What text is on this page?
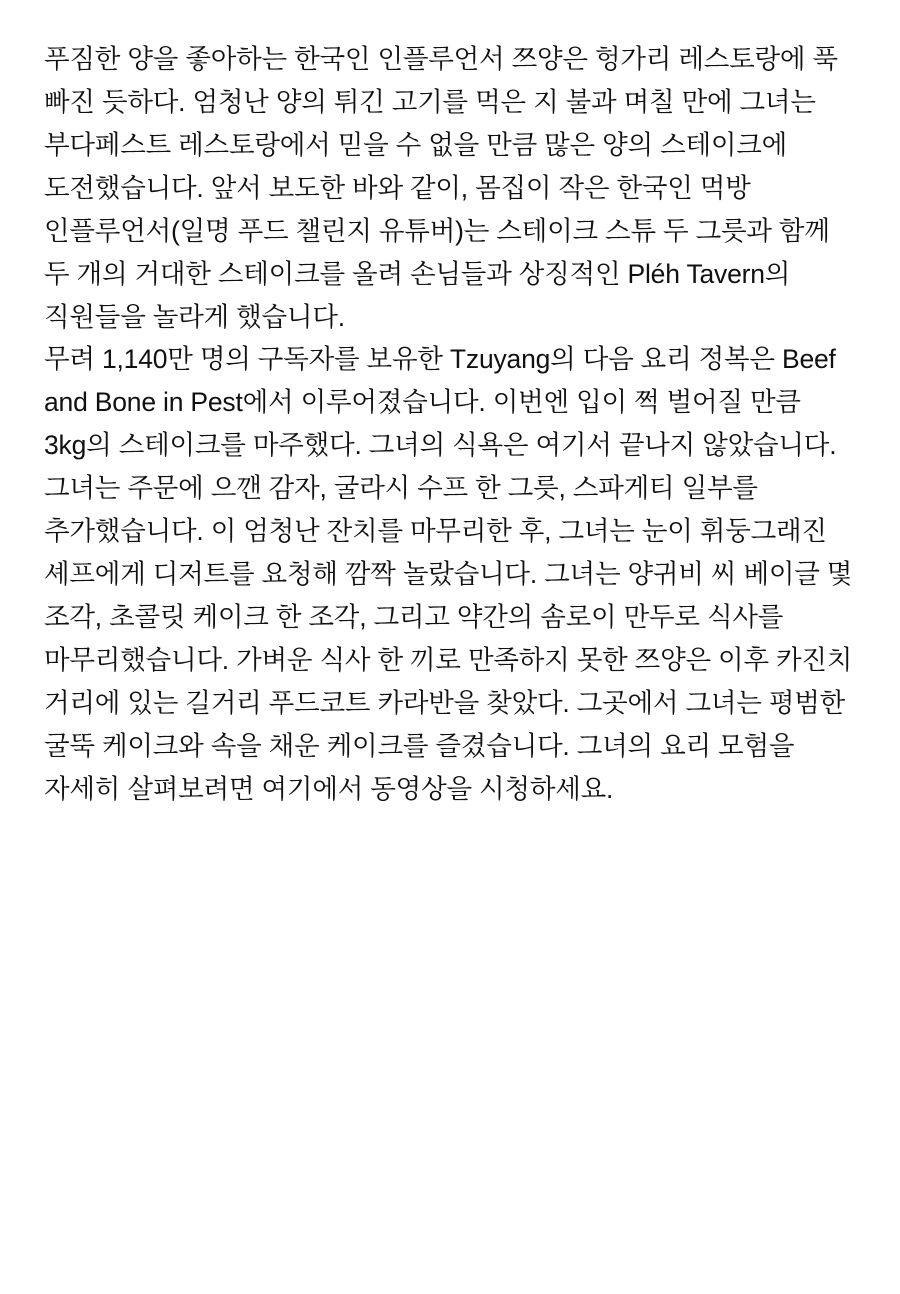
푸짐한 양을 좋아하는 한국인 인플루언서 쯔양은 헝가리 레스토랑에 푹 빠진 듯하다. 엄청난 양의 튀긴 고기를 먹은 지 불과 며칠 만에 그녀는 부다페스트 레스토랑에서 믿을 수 없을 만큼 많은 양의 스테이크에 도전했습니다. 앞서 보도한 바와 같이, 몸집이 작은 한국인 먹방 인플루언서(일명 푸드 챌린지 유튜버)는 스테이크 스튜 두 그릇과 함께 두 개의 거대한 스테이크를 올려 손님들과 상징적인 Pléh Tavern의 직원들을 놀라게 했습니다.

무려 1,140만 명의 구독자를 보유한 Tzuyang의 다음 요리 정복은 Beef and Bone in Pest에서 이루어졌습니다. 이번엔 입이 쩍 벌어질 만큼 3kg의 스테이크를 마주했다. 그녀의 식욕은 여기서 끝나지 않았습니다. 그녀는 주문에 으깬 감자, 굴라시 수프 한 그릇, 스파게티 일부를 추가했습니다. 이 엄청난 잔치를 마무리한 후, 그녀는 눈이 휘둥그래진 셰프에게 디저트를 요청해 깜짝 놀랐습니다. 그녀는 양귀비 씨 베이글 몇 조각, 초콜릿 케이크 한 조각, 그리고 약간의 솜로이 만두로 식사를 마무리했습니다. 가벼운 식사 한 끼로 만족하지 못한 쯔양은 이후 카진치 거리에 있는 길거리 푸드코트 카라반을 찾았다. 그곳에서 그녀는 평범한 굴뚝 케이크와 속을 채운 케이크를 즐겼습니다. 그녀의 요리 모험을 자세히 살펴보려면 여기에서 동영상을 시청하세요.
